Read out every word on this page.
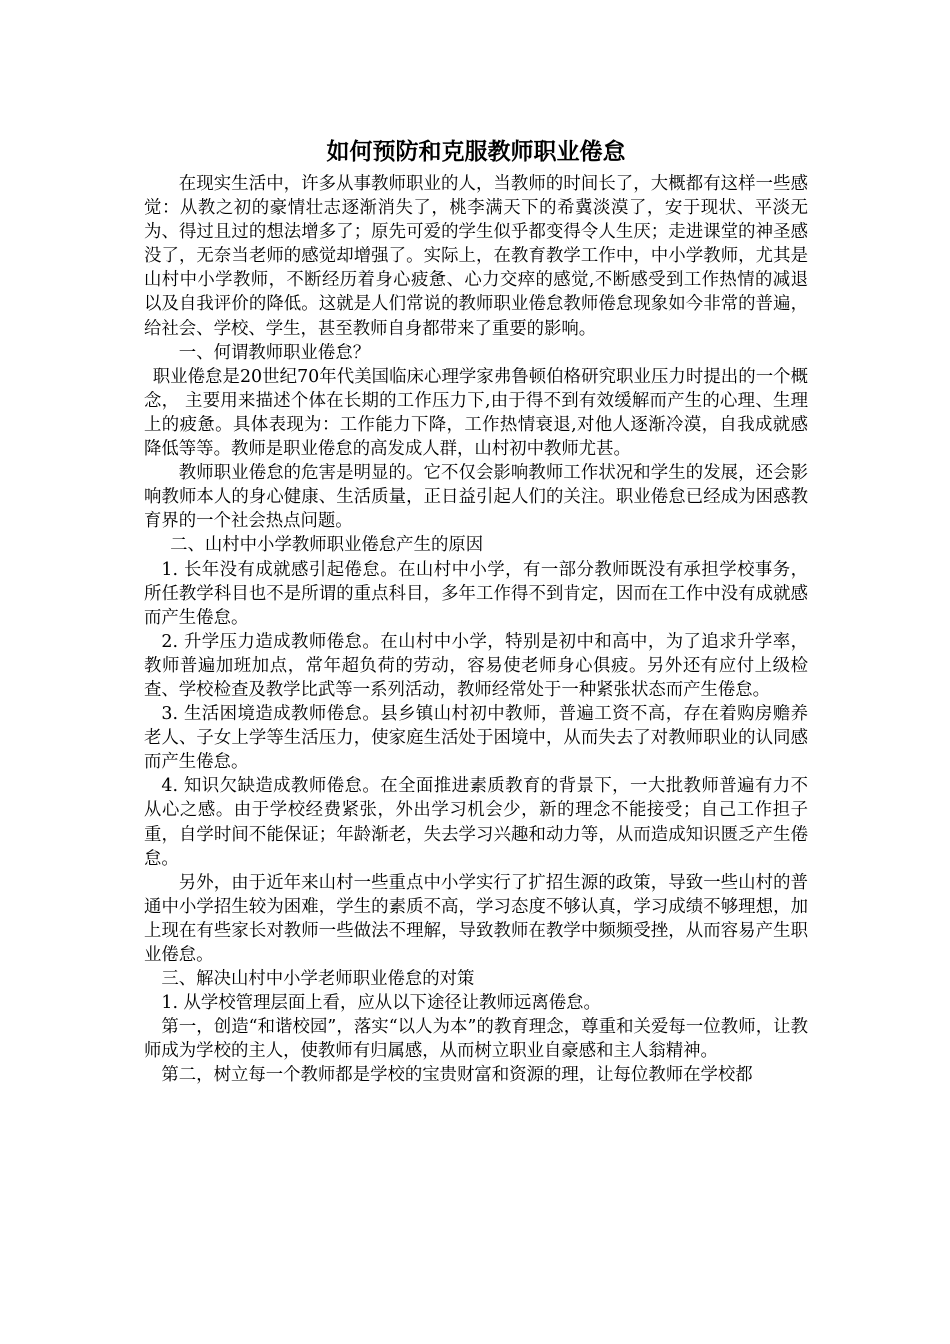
如何预防和克服教师职业倦怠

在现实生活中，许多从事教师职业的人，当教师的时间长了，大概都有这样一些感觉：从教之初的豪情壮志逐渐消失了，桃李满天下的希冀淡漠了，安于现状、平淡无为、得过且过的想法增多了；原先可爱的学生似乎都变得令人生厌；走进课堂的神圣感没了，无奈当老师的感觉却增强了。实际上，在教育教学工作中，中小学教师，尤其是山村中小学教师，不断经历着身心疲惫、心力交瘁的感觉,不断感受到工作热情的减退以及自我评价的降低。这就是人们常说的教师职业倦怠教师倦怠现象如今非常的普遍，给社会、学校、学生，甚至教师自身都带来了重要的影响。

一、何谓教师职业倦怠？

职业倦怠是20世纪70年代美国临床心理学家弗鲁顿伯格研究职业压力时提出的一个概念， 主要用来描述个体在长期的工作压力下,由于得不到有效缓解而产生的心理、生理上的疲惫。具体表现为：工作能力下降，工作热情衰退,对他人逐渐冷漠，自我成就感降低等等。教师是职业倦怠的高发成人群，山村初中教师尤甚。

教师职业倦怠的危害是明显的。它不仅会影响教师工作状况和学生的发展，还会影响教师本人的身心健康、生活质量，正日益引起人们的关注。职业倦怠已经成为困惑教育界的一个社会热点问题。

二、山村中小学教师职业倦怠产生的原因

1. 长年没有成就感引起倦怠。在山村中小学，有一部分教师既没有承担学校事务，所任教学科目也不是所谓的重点科目，多年工作得不到肯定，因而在工作中没有成就感而产生倦怠。

2. 升学压力造成教师倦怠。在山村中小学，特别是初中和高中，为了追求升学率，教师普遍加班加点，常年超负荷的劳动，容易使老师身心俱疲。另外还有应付上级检查、学校检查及教学比武等一系列活动，教师经常处于一种紧张状态而产生倦怠。

3. 生活困境造成教师倦怠。县乡镇山村初中教师，普遍工资不高，存在着购房赡养老人、子女上学等生活压力，使家庭生活处于困境中，从而失去了对教师职业的认同感而产生倦怠。

4. 知识欠缺造成教师倦怠。在全面推进素质教育的背景下，一大批教师普遍有力不从心之感。由于学校经费紧张，外出学习机会少，新的理念不能接受；自己工作担子重，自学时间不能保证；年龄渐老，失去学习兴趣和动力等，从而造成知识匮乏产生倦怠。

另外，由于近年来山村一些重点中小学实行了扩招生源的政策，导致一些山村的普通中小学招生较为困难，学生的素质不高，学习态度不够认真，学习成绩不够理想，加上现在有些家长对教师一些做法不理解，导致教师在教学中频频受挫，从而容易产生职业倦怠。

三、解决山村中小学老师职业倦怠的对策

1. 从学校管理层面上看，应从以下途径让教师远离倦怠。

第一，创造“和谐校园”，落实“以人为本”的教育理念，尊重和关爱每一位教师，让教师成为学校的主人，使教师有归属感，从而树立职业自豪感和主人翁精神。

第二，树立每一个教师都是学校的宝贵财富和资源的理，让每位教师在学校都
